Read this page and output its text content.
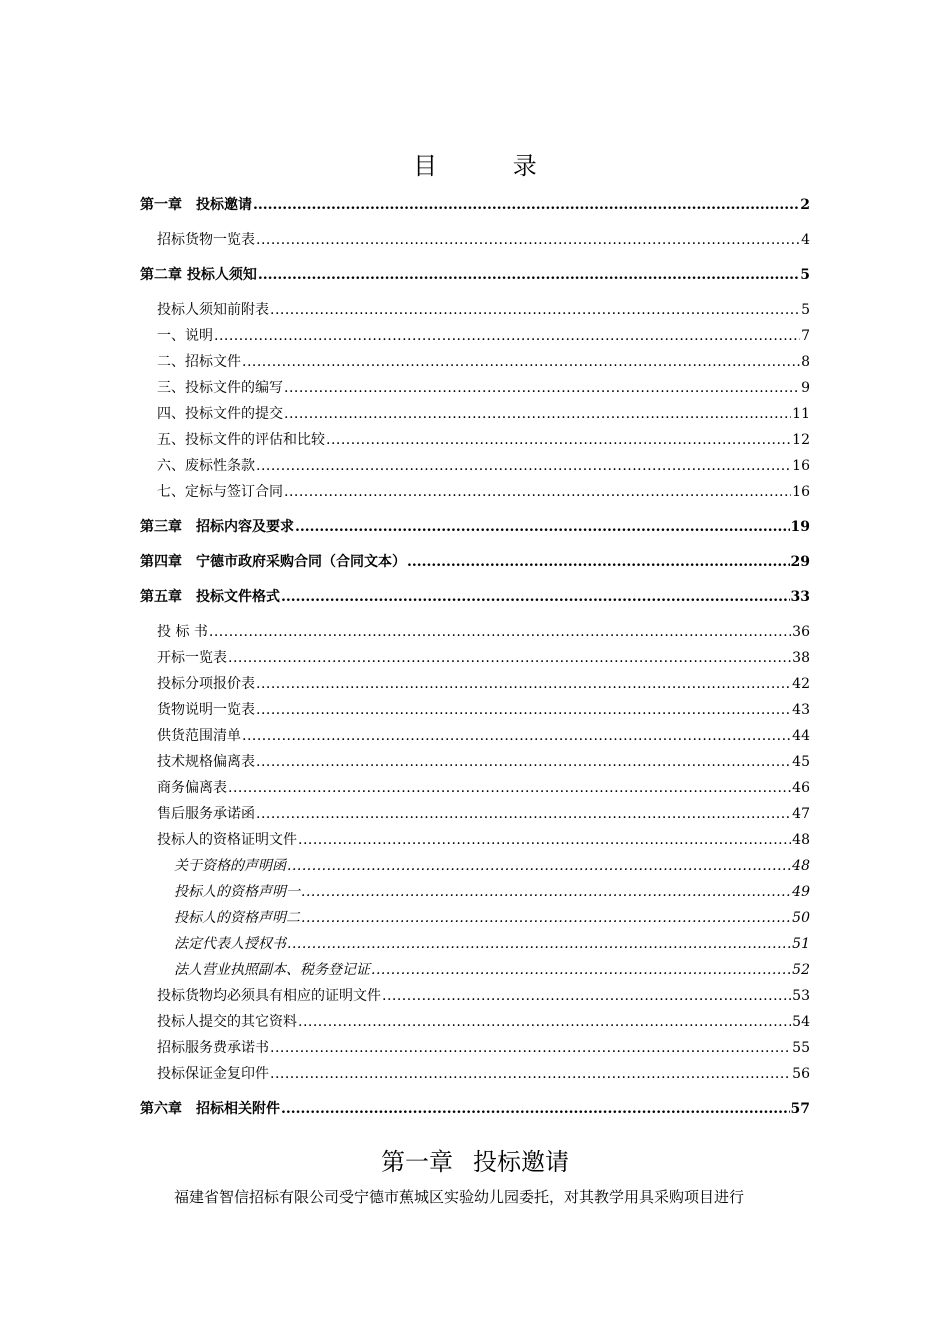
目 录
第一章　投标邀请 .....	2
招标货物一览表 .....	4
第二章 投标人须知 .....	5
投标人须知前附表 .....	5
一、说明 .....	7
二、招标文件 .....	8
三、投标文件的编写 .....	9
四、投标文件的提交 .....	11
五、投标文件的评估和比较 .....	12
六、废标性条款 .....	16
七、定标与签订合同 .....	16
第三章　招标内容及要求 .....	19
第四章　宁德市政府采购合同（合同文本） .....	29
第五章　投标文件格式 .....	33
投 标 书 .....	36
开标一览表 .....	38
投标分项报价表 .....	42
货物说明一览表 .....	43
供货范围清单 .....	44
技术规格偏离表 .....	45
商务偏离表 .....	46
售后服务承诺函 .....	47
投标人的资格证明文件 .....	48
关于资格的声明函 .....	48
投标人的资格声明一 .....	49
投标人的资格声明二 .....	50
法定代表人授权书 .....	51
法人营业执照副本、税务登记证 .....	52
投标货物均必须具有相应的证明文件 .....	53
投标人提交的其它资料 .....	54
招标服务费承诺书 .....	55
投标保证金复印件 .....	56
第六章　招标相关附件 .....	57
第一章 投标邀请
福建省智信招标有限公司受宁德市蕉城区实验幼儿园委托，对其教学用具采购项目进行
